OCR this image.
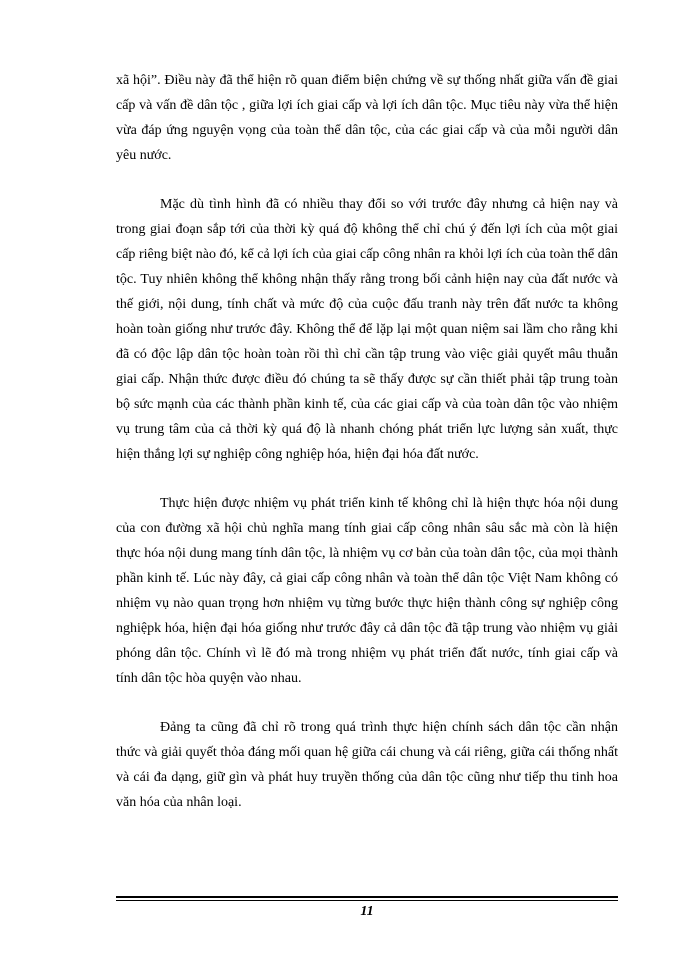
xã hội”. Điều này đã thể hiện rõ quan điểm biện chứng về sự thống nhất giữa vấn đề giai cấp và vấn đề dân tộc , giữa lợi ích giai cấp và lợi ích dân tộc. Mục tiêu này vừa thể hiện vừa đáp ứng nguyện vọng của toàn thể dân tộc, của các giai cấp và của mỗi người dân yêu nước.

Mặc dù tình hình đã có nhiều thay đổi so với trước đây nhưng cả hiện nay và trong giai đoạn sắp tới của thời kỳ quá độ không thể chỉ chú ý đến lợi ích của một giai cấp riêng biệt nào đó, kể cả lợi ích của giai cấp công nhân ra khỏi lợi ích của toàn thể dân tộc. Tuy nhiên không thể không nhận thấy rằng trong bối cảnh hiện nay của đất nước và thế giới, nội dung, tính chất và mức độ của cuộc đấu tranh này trên đất nước ta không hoàn toàn giống như trước đây. Không thể để lặp lại một quan niệm sai lầm cho rằng khi đã có độc lập dân tộc hoàn toàn rồi thì chỉ cần tập trung vào việc giải quyết mâu thuẫn giai cấp. Nhận thức được điều đó chúng ta sẽ thấy được sự cần thiết phải tập trung toàn bộ sức mạnh của các thành phần kinh tế, của các giai cấp và của toàn dân tộc vào nhiệm vụ trung tâm của cả thời kỳ quá độ là nhanh chóng phát triển lực lượng sản xuất, thực hiện thắng lợi sự nghiệp công nghiệp hóa, hiện đại hóa đất nước.

Thực hiện được nhiệm vụ phát triển kinh tế không chỉ là hiện thực hóa nội dung của con đường xã hội chủ nghĩa mang tính giai cấp công nhân sâu sắc mà còn là hiện thực hóa nội dung mang tính dân tộc, là nhiệm vụ cơ bản của toàn dân tộc, của mọi thành phần kinh tế. Lúc này đây, cả giai cấp công nhân và toàn thể dân tộc Việt Nam không có nhiệm vụ nào quan trọng hơn nhiệm vụ từng bước thực hiện thành công sự nghiệp công nghiệpk hóa, hiện đại hóa giống như trước đây cả dân tộc đã tập trung vào nhiệm vụ giải phóng dân tộc. Chính vì lẽ đó mà trong nhiệm vụ phát triển đất nước, tính giai cấp và tính dân tộc hòa quyện vào nhau.

Đảng ta cũng đã chỉ rõ trong quá trình thực hiện chính sách dân tộc cần nhận thức và giải quyết thỏa đáng mối quan hệ giữa cái chung và cái riêng, giữa cái thống nhất và cái đa dạng, giữ gìn và phát huy truyền thống của dân tộc cũng như tiếp thu tinh hoa văn hóa của nhân loại.

11
